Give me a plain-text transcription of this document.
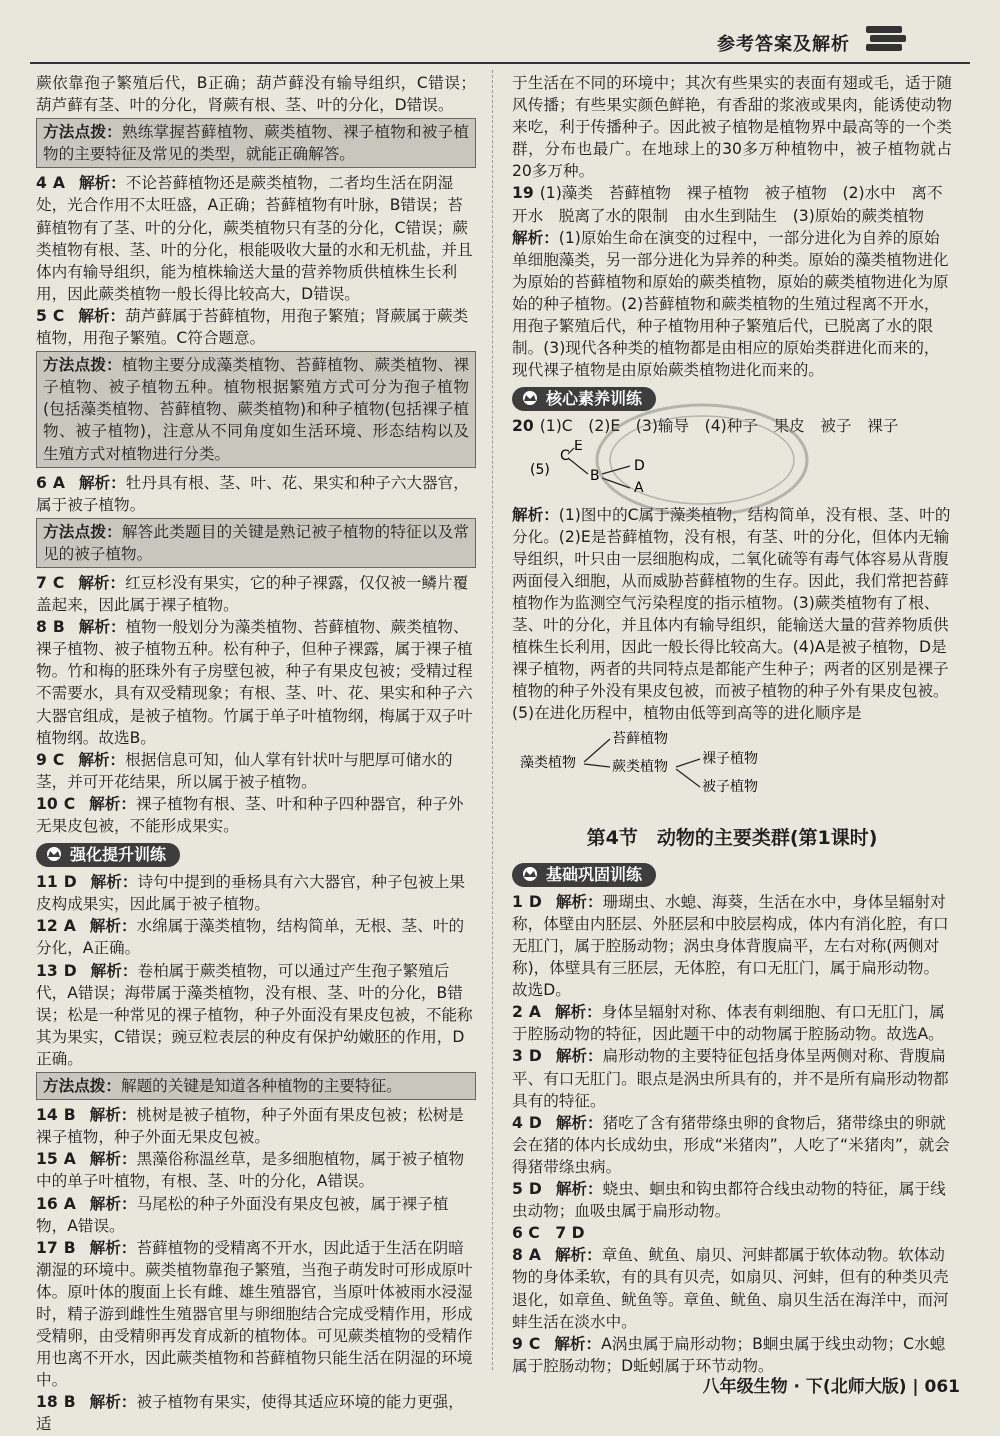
参考答案及解析

蕨依靠孢子繁殖后代，B正确；葫芦藓没有输导组织，C错误；葫芦藓有茎、叶的分化，肾蕨有根、茎、叶的分化，D错误。

方法点拨：熟练掌握苔藓植物、蕨类植物、裸子植物和被子植物的主要特征及常见的类型，就能正确解答。

4 A 解析：不论苔藓植物还是蕨类植物，二者均生活在阴湿处，光合作用不太旺盛，A正确；苔藓植物有叶脉，B错误；苔藓植物有了茎、叶的分化，蕨类植物只有茎的分化，C错误；蕨类植物有根、茎、叶的分化，根能吸收大量的水和无机盐，并且体内有输导组织，能为植株输送大量的营养物质供植株生长利用，因此蕨类植物一般长得比较高大，D错误。

5 C 解析：葫芦藓属于苔藓植物，用孢子繁殖；肾蕨属于蕨类植物，用孢子繁殖。C符合题意。

方法点拨：植物主要分成藻类植物、苔藓植物、蕨类植物、裸子植物、被子植物五种。植物根据繁殖方式可分为孢子植物(包括藻类植物、苔藓植物、蕨类植物)和种子植物(包括裸子植物、被子植物)，注意从不同角度如生活环境、形态结构以及生殖方式对植物进行分类。

6 A 解析：牡丹具有根、茎、叶、花、果实和种子六大器官，属于被子植物。

方法点拨：解答此类题目的关键是熟记被子植物的特征以及常见的被子植物。

7 C 解析：红豆杉没有果实，它的种子裸露，仅仅被一鳞片覆盖起来，因此属于裸子植物。

8 B 解析：植物一般划分为藻类植物、苔藓植物、蕨类植物、裸子植物、被子植物五种。松有种子，但种子裸露，属于裸子植物。竹和梅的胚珠外有子房壁包被，种子有果皮包被；受精过程不需要水，具有双受精现象；有根、茎、叶、花、果实和种子六大器官组成，是被子植物。竹属于单子叶植物纲，梅属于双子叶植物纲。故选B。

9 C 解析：根据信息可知，仙人掌有针状叶与肥厚可储水的茎，并可开花结果，所以属于被子植物。

10 C 解析：裸子植物有根、茎、叶和种子四种器官，种子外无果皮包被，不能形成果实。

强化提升训练

11 D 解析：诗句中提到的垂杨具有六大器官，种子包被上果皮构成果实，因此属于被子植物。

12 A 解析：水绵属于藻类植物，结构简单，无根、茎、叶的分化，A正确。

13 D 解析：卷柏属于蕨类植物，可以通过产生孢子繁殖后代，A错误；海带属于藻类植物，没有根、茎、叶的分化，B错误；松是一种常见的裸子植物，种子外面没有果皮包被，不能称其为果实，C错误；豌豆粒表层的种皮有保护幼嫩胚的作用，D正确。

方法点拨：解题的关键是知道各种植物的主要特征。

14 B 解析：桃树是被子植物，种子外面有果皮包被；松树是裸子植物，种子外面无果皮包被。

15 A 解析：黑藻俗称温丝草，是多细胞植物，属于被子植物中的单子叶植物，有根、茎、叶的分化，A错误。

16 A 解析：马尾松的种子外面没有果皮包被，属于裸子植物，A错误。

17 B 解析：苔藓植物的受精离不开水，因此适于生活在阴暗潮湿的环境中。蕨类植物靠孢子繁殖，当孢子萌发时可形成原叶体。原叶体的腹面上长有雌、雄生殖器官，当原叶体被雨水浸湿时，精子游到雌性生殖器官里与卵细胞结合完成受精作用，形成受精卵，由受精卵再发育成新的植物体。可见蕨类植物的受精作用也离不开水，因此蕨类植物和苔藓植物只能生活在阴湿的环境中。

18 B 解析：被子植物有果实，使得其适应环境的能力更强，适

于生活在不同的环境中；其次有些果实的表面有翅或毛，适于随风传播；有些果实颜色鲜艳，有香甜的浆液或果肉，能诱使动物来吃，利于传播种子。因此被子植物是植物界中最高等的一个类群，分布也最广。在地球上的30多万种植物中，被子植物就占20多万种。

19 (1)藻类　苔藓植物　裸子植物　被子植物　(2)水中　离不开水　脱离了水的限制　由水生到陆生　(3)原始的蕨类植物
解析：(1)原始生命在演变的过程中，一部分进化为自养的原始单细胞藻类，另一部分进化为异养的种类。原始的藻类植物进化为原始的苔藓植物和原始的蕨类植物，原始的蕨类植物进化为原始的种子植物。(2)苔藓植物和蕨类植物的生殖过程离不开水，用孢子繁殖后代，种子植物用种子繁殖后代，已脱离了水的限制。(3)现代各种类的植物都是由相应的原始类群进化而来的，现代裸子植物是由原始蕨类植物进化而来的。

核心素养训练

20 (1)C　(2)E　(3)输导　(4)种子　果皮　被子　裸子

(5)
C
E
B
D
A

解析：(1)图中的C属于藻类植物，结构简单，没有根、茎、叶的分化。(2)E是苔藓植物，没有根，有茎、叶的分化，但体内无输导组织，叶只由一层细胞构成，二氧化硫等有毒气体容易从背腹两面侵入细胞，从而威胁苔藓植物的生存。因此，我们常把苔藓植物作为监测空气污染程度的指示植物。(3)蕨类植物有了根、茎、叶的分化，并且体内有输导组织，能输送大量的营养物质供植株生长利用，因此一般长得比较高大。(4)A是被子植物，D是裸子植物，两者的共同特点是都能产生种子；两者的区别是裸子植物的种子外没有果皮包被，而被子植物的种子外有果皮包被。(5)在进化历程中，植物由低等到高等的进化顺序是

藻类植物
苔藓植物
蕨类植物 裸子植物
被子植物
第4节　动物的主要类群(第1课时)
基础巩固训练

1 D 解析：珊瑚虫、水螅、海葵，生活在水中，身体呈辐射对称，体壁由内胚层、外胚层和中胶层构成，体内有消化腔，有口无肛门，属于腔肠动物；涡虫身体背腹扁平，左右对称(两侧对称)，体壁具有三胚层，无体腔，有口无肛门，属于扁形动物。故选D。

2 A 解析：身体呈辐射对称、体表有刺细胞、有口无肛门，属于腔肠动物的特征，因此题干中的动物属于腔肠动物。故选A。

3 D 解析：扁形动物的主要特征包括身体呈两侧对称、背腹扁平、有口无肛门。眼点是涡虫所具有的，并不是所有扁形动物都具有的特征。

4 D 解析：猪吃了含有猪带绦虫卵的食物后，猪带绦虫的卵就会在猪的体内长成幼虫，形成“米猪肉”，人吃了“米猪肉”，就会得猪带绦虫病。

5 D 解析：蛲虫、蛔虫和钩虫都符合线虫动物的特征，属于线虫动物；血吸虫属于扁形动物。

6 C　7 D

8 A 解析：章鱼、鱿鱼、扇贝、河蚌都属于软体动物。软体动物的身体柔软，有的具有贝壳，如扇贝、河蚌，但有的种类贝壳退化，如章鱼、鱿鱼等。章鱼、鱿鱼、扇贝生活在海洋中，而河蚌生活在淡水中。

9 C 解析：A涡虫属于扁形动物；B蛔虫属于线虫动物；C水螅属于腔肠动物；D蚯蚓属于环节动物。

八年级生物 · 下(北师大版) | 061
